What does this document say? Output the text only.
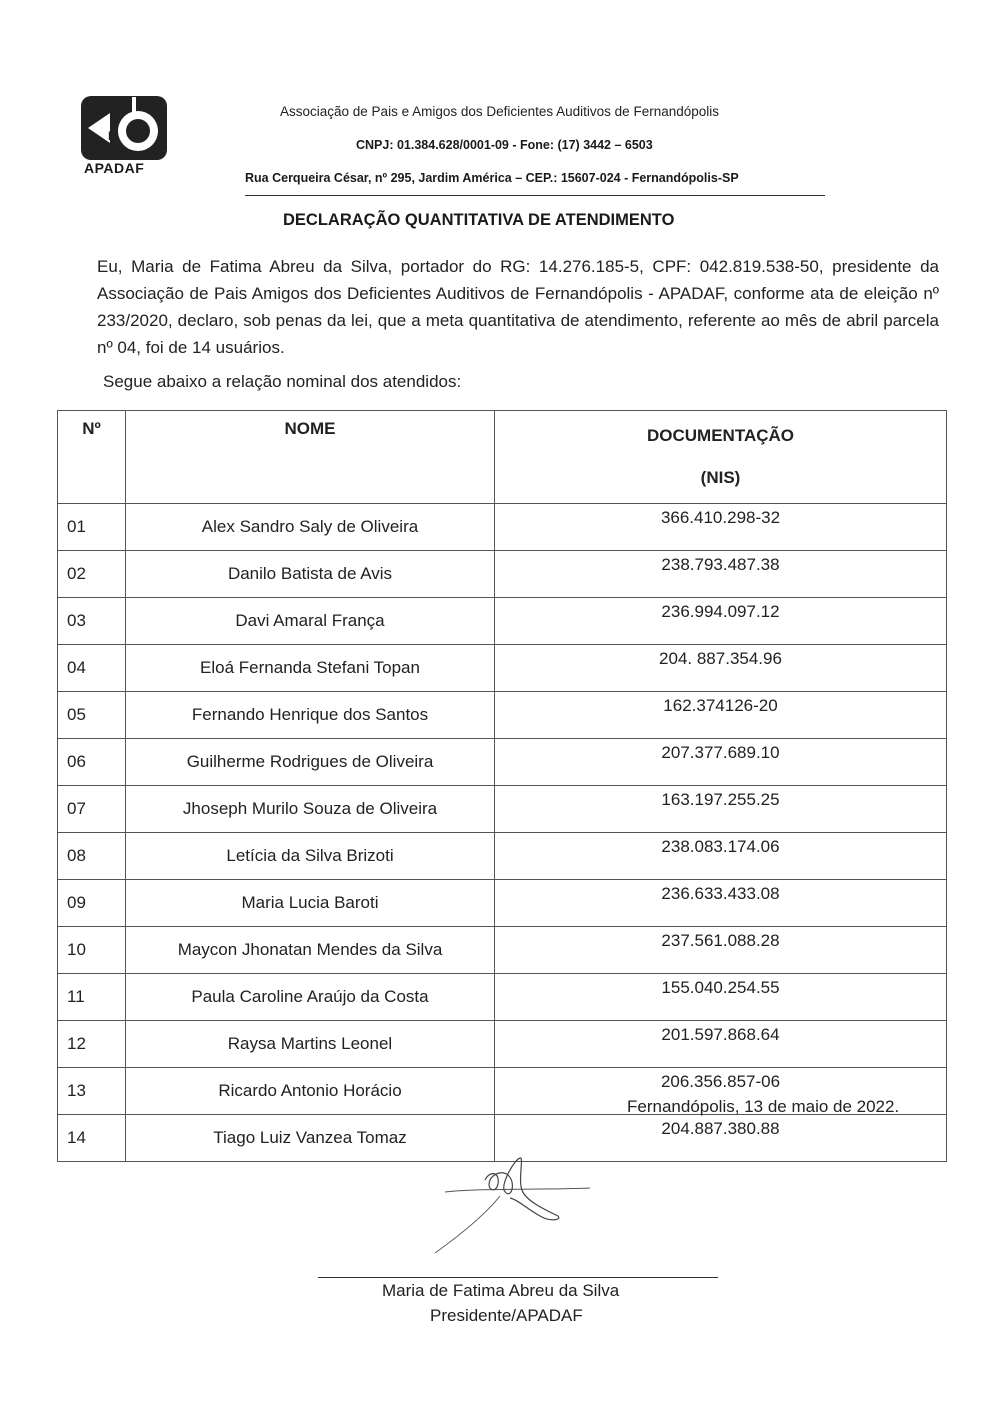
A
D
APADAF
Associação de Pais e Amigos dos Deficientes Auditivos de Fernandópolis
CNPJ: 01.384.628/0001-09 - Fone: (17) 3442 – 6503
Rua Cerqueira César, nº 295, Jardim América – CEP.: 15607-024 - Fernandópolis-SP
DECLARAÇÃO QUANTITATIVA DE ATENDIMENTO
Eu, Maria de Fatima Abreu da Silva, portador do RG: 14.276.185-5, CPF: 042.819.538-50, presidente da Associação de Pais Amigos dos Deficientes Auditivos de Fernandópolis - APADAF, conforme ata de eleição nº 233/2020, declaro, sob penas da lei, que a meta quantitativa de atendimento, referente ao mês de abril parcela nº 04, foi de 14 usuários.
Segue abaixo a relação nominal dos atendidos:
Nº	NOME	DOCUMENTAÇÃO
(NIS)

01	Alex Sandro Saly de Oliveira	366.410.298-32
02	Danilo Batista de Avis	238.793.487.38
03	Davi Amaral França	236.994.097.12
04	Eloá Fernanda Stefani Topan	204. 887.354.96
05	Fernando Henrique dos Santos	162.374126-20
06	Guilherme Rodrigues de Oliveira	207.377.689.10
07	Jhoseph Murilo Souza de Oliveira	163.197.255.25
08	Letícia da Silva Brizoti	238.083.174.06
09	Maria Lucia Baroti	236.633.433.08
10	Maycon Jhonatan Mendes da Silva	237.561.088.28
11	Paula Caroline Araújo da Costa	155.040.254.55
12	Raysa Martins Leonel	201.597.868.64
13	Ricardo Antonio Horácio	206.356.857-06
14	Tiago Luiz Vanzea Tomaz	204.887.380.88
Fernandópolis, 13 de maio de 2022.
Maria de Fatima Abreu da Silva
Presidente/APADAF
